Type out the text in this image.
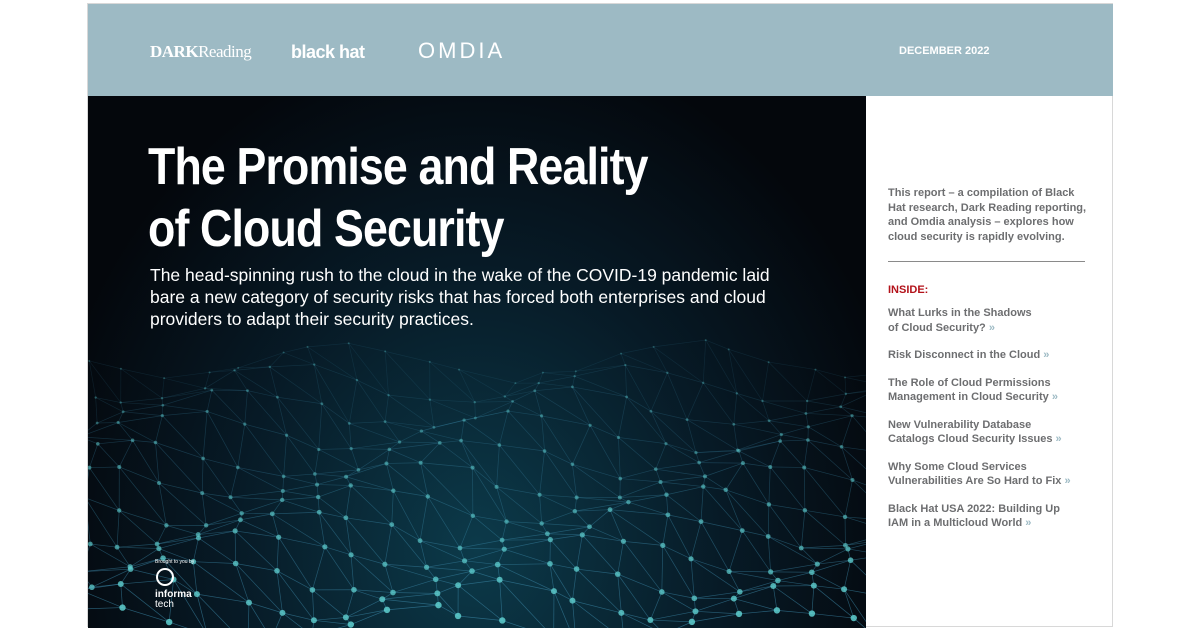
DARKReading black hat OMDIA	DECEMBER 2022
The Promise and Reality
of Cloud Security
The head-spinning rush to the cloud in the wake of the COVID-19 pandemic laid bare a new category of security risks that has forced both enterprises and cloud providers to adapt their security practices.
Brought to you by
informa
tech
This report – a compilation of Black Hat research, Dark Reading reporting, and Omdia analysis – explores how cloud security is rapidly evolving.
INSIDE:
What Lurks in the Shadows
of Cloud Security? »
Risk Disconnect in the Cloud »
The Role of Cloud Permissions
Management in Cloud Security »
New Vulnerability Database
Catalogs Cloud Security Issues »
Why Some Cloud Services
Vulnerabilities Are So Hard to Fix »
Black Hat USA 2022: Building Up
IAM in a Multicloud World »
